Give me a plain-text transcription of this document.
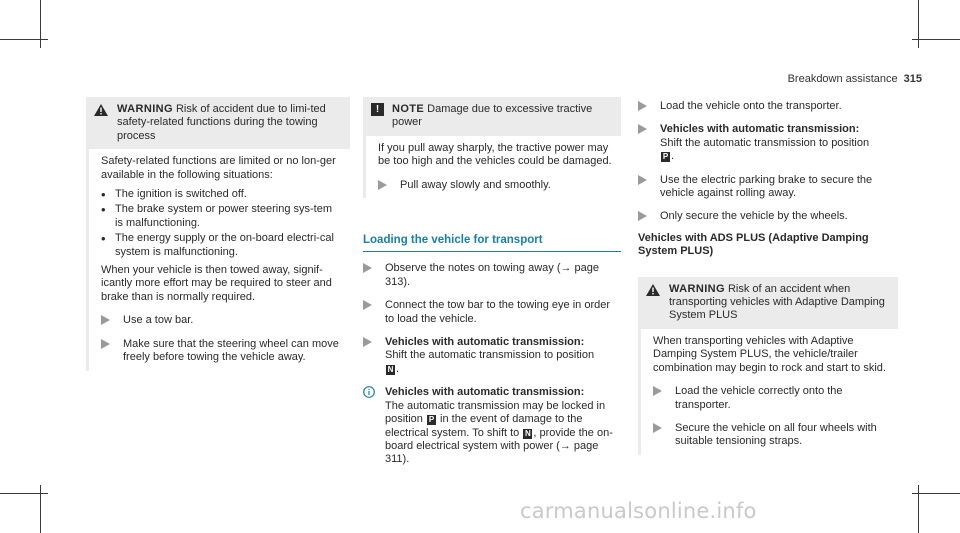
Breakdown assistance 315
WARNING Risk of accident due to limi-ted safety-related functions during the towing process

Safety-related functions are limited or no lon-ger available in the following situations:

• The ignition is switched off.
• The brake system or power steering sys-tem is malfunctioning.
• The energy supply or the on-board electri-cal system is malfunctioning.

When your vehicle is then towed away, signif-icantly more effort may be required to steer and brake than is normally required.

Use a tow bar.
Make sure that the steering wheel can move freely before towing the vehicle away.
!	NOTE Damage due to excessive tractive power

If you pull away sharply, the tractive power may be too high and the vehicles could be damaged.

Pull away slowly and smoothly.
Loading the vehicle for transport
Observe the notes on towing away (→ page 313).
Connect the tow bar to the towing eye in order to load the vehicle.
Vehicles with automatic transmission:
Shift the automatic transmission to position
N .
Vehicles with automatic transmission:
The automatic transmission may be locked in position P in the event of damage to the electrical system. To shift to N , provide the on-board electrical system with power (→ page 311).
Load the vehicle onto the transporter.
Vehicles with automatic transmission:
Shift the automatic transmission to position
P .
Use the electric parking brake to secure the vehicle against rolling away.
Only secure the vehicle by the wheels.
Vehicles with ADS PLUS (Adaptive Damping System PLUS)
WARNING Risk of an accident when transporting vehicles with Adaptive Damping System PLUS

When transporting vehicles with Adaptive Damping System PLUS, the vehicle/trailer combination may begin to rock and start to skid.

Load the vehicle correctly onto the transporter.
Secure the vehicle on all four wheels with suitable tensioning straps.
carmanualsonline.info
